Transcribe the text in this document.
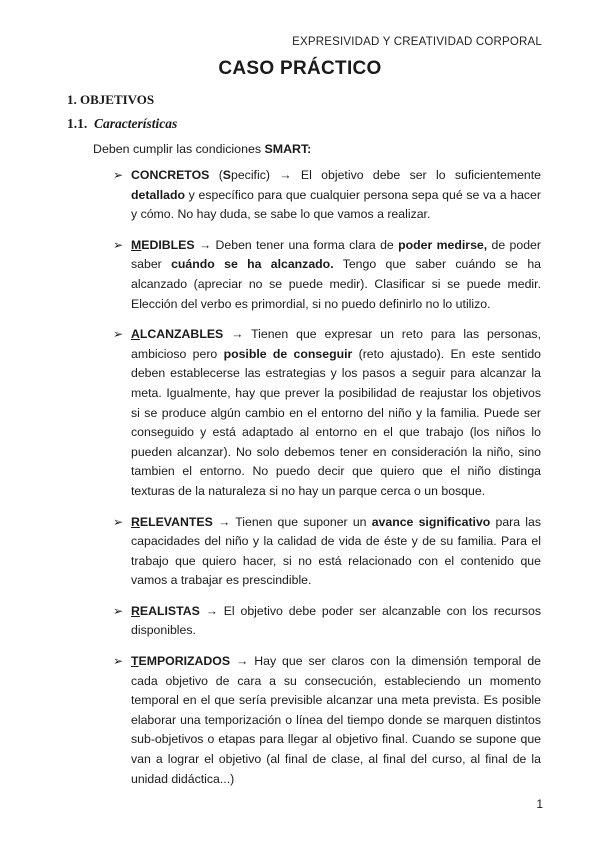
EXPRESIVIDAD Y CREATIVIDAD CORPORAL
CASO PRÁCTICO
1. OBJETIVOS
1.1. Características
Deben cumplir las condiciones SMART:
➢ CONCRETOS (Specific) → El objetivo debe ser lo suficientemente detallado y específico para que cualquier persona sepa qué se va a hacer y cómo. No hay duda, se sabe lo que vamos a realizar.
➢ MEDIBLES → Deben tener una forma clara de poder medirse, de poder saber cuándo se ha alcanzado. Tengo que saber cuándo se ha alcanzado (apreciar no se puede medir). Clasificar si se puede medir. Elección del verbo es primordial, si no puedo definirlo no lo utilizo.
➢ ALCANZABLES → Tienen que expresar un reto para las personas, ambicioso pero posible de conseguir (reto ajustado). En este sentido deben establecerse las estrategias y los pasos a seguir para alcanzar la meta. Igualmente, hay que prever la posibilidad de reajustar los objetivos si se produce algún cambio en el entorno del niño y la familia. Puede ser conseguido y está adaptado al entorno en el que trabajo (los niños lo pueden alcanzar). No solo debemos tener en consideración la niño, sino tambien el entorno. No puedo decir que quiero que el niño distinga texturas de la naturaleza si no hay un parque cerca o un bosque.
➢ RELEVANTES → Tienen que suponer un avance significativo para las capacidades del niño y la calidad de vida de éste y de su familia. Para el trabajo que quiero hacer, si no está relacionado con el contenido que vamos a trabajar es prescindible.
➢ REALISTAS → El objetivo debe poder ser alcanzable con los recursos disponibles.
➢ TEMPORIZADOS → Hay que ser claros con la dimensión temporal de cada objetivo de cara a su consecución, estableciendo un momento temporal en el que sería previsible alcanzar una meta prevista. Es posible elaborar una temporización o línea del tiempo donde se marquen distintos sub-objetivos o etapas para llegar al objetivo final. Cuando se supone que van a lograr el objetivo (al final de clase, al final del curso, al final de la unidad didáctica...)
1
